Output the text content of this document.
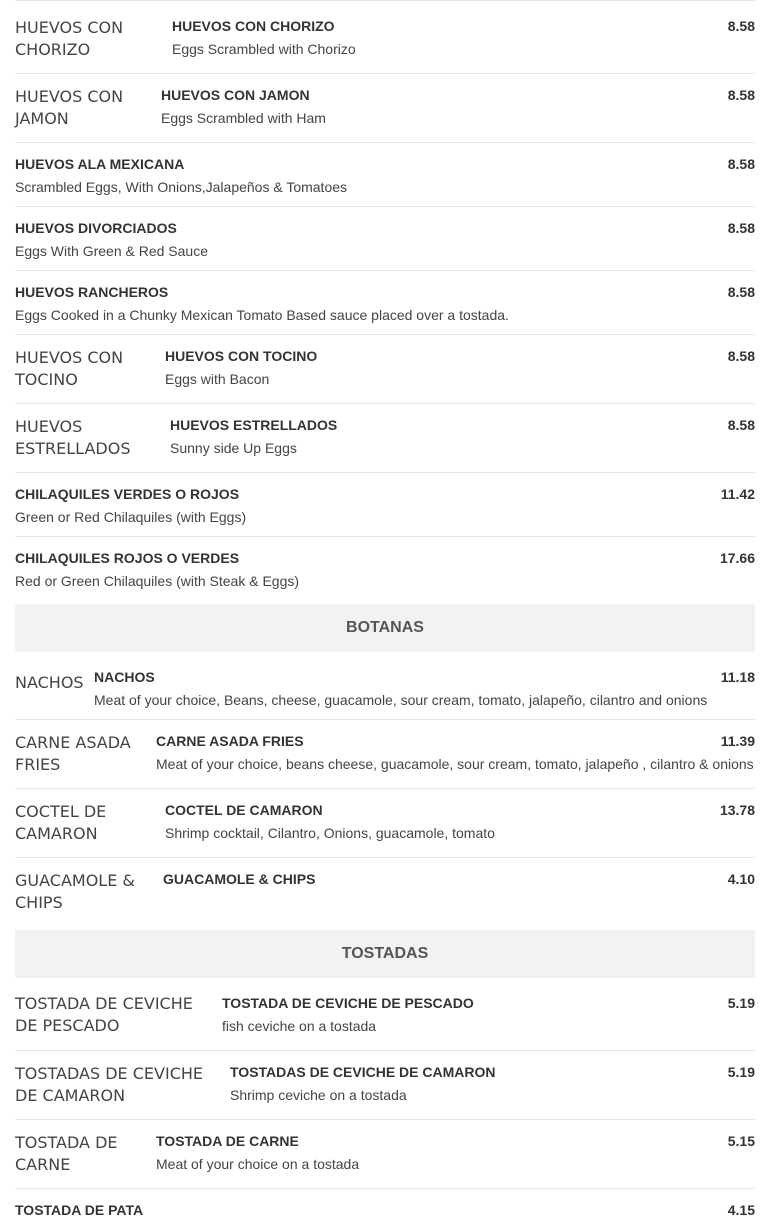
HUEVOS CON
CHORIZO
HUEVOS CON CHORIZO	8.58
Eggs Scrambled with Chorizo
HUEVOS CON
JAMON
HUEVOS CON JAMON	8.58
Eggs Scrambled with Ham
HUEVOS ALA MEXICANA	8.58
Scrambled Eggs, With Onions,Jalapeños & Tomatoes
HUEVOS DIVORCIADOS	8.58
Eggs With Green & Red Sauce
HUEVOS RANCHEROS	8.58
Eggs Cooked in a Chunky Mexican Tomato Based sauce placed over a tostada.
HUEVOS CON
TOCINO
HUEVOS CON TOCINO	8.58
Eggs with Bacon
HUEVOS
ESTRELLADOS
HUEVOS ESTRELLADOS	8.58
Sunny side Up Eggs
CHILAQUILES VERDES O ROJOS	11.42
Green or Red Chilaquiles (with Eggs)
CHILAQUILES ROJOS O VERDES	17.66
Red or Green Chilaquiles (with Steak & Eggs)
BOTANAS
NACHOS NACHOS	11.18
Meat of your choice, Beans, cheese, guacamole, sour cream, tomato, jalapeño, cilantro and onions
CARNE ASADA
FRIES
CARNE ASADA FRIES	11.39
Meat of your choice, beans cheese, guacamole, sour cream, tomato, jalapeño , cilantro & onions
COCTEL DE
CAMARON
COCTEL DE CAMARON	13.78
Shrimp cocktail, Cilantro, Onions, guacamole, tomato
GUACAMOLE &
CHIPS
GUACAMOLE & CHIPS	4.10
TOSTADAS
TOSTADA DE CEVICHE
DE PESCADO
TOSTADA DE CEVICHE DE PESCADO	5.19
fish ceviche on a tostada
TOSTADAS DE CEVICHE
DE CAMARON
TOSTADAS DE CEVICHE DE CAMARON	5.19
Shrimp ceviche on a tostada
TOSTADA DE
CARNE
TOSTADA DE CARNE	5.15
Meat of your choice on a tostada
TOSTADA DE PATA	4.15
